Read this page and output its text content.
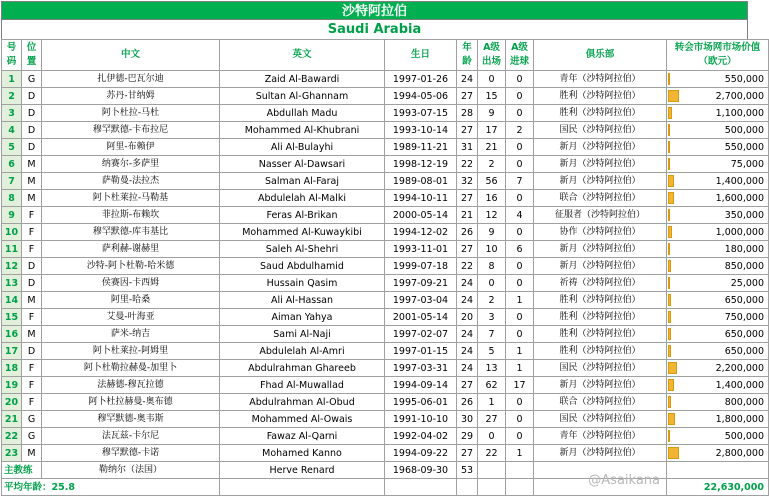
沙特阿拉伯
Saudi Arabia
号码	位置	中文	英文	生日	年龄	A级出场	A级进球	俱乐部	转会市场网市场价值（欧元）
1	G	扎伊德-巴瓦尔迪	Zaid Al-Bawardi	1997-01-26	24	0	0	青年（沙特阿拉伯）	550,000
2	D	苏丹-甘纳姆	Sultan Al-Ghannam	1994-05-06	27	15	0	胜利（沙特阿拉伯）	2,700,000
3	D	阿卜杜拉-马杜	Abdullah Madu	1993-07-15	28	9	0	胜利（沙特阿拉伯）	1,100,000
4	D	穆罕默德-卡布拉尼	Mohammed Al-Khubrani	1993-10-14	27	17	2	国民（沙特阿拉伯）	500,000
5	D	阿里-布赖伊	Ali Al-Bulayhi	1989-11-21	31	21	0	新月（沙特阿拉伯）	550,000
6	M	纳赛尔-多萨里	Nasser Al-Dawsari	1998-12-19	22	2	0	新月（沙特阿拉伯）	75,000
7	M	萨勒曼-法拉杰	Salman Al-Faraj	1989-08-01	32	56	7	新月（沙特阿拉伯）	1,400,000
8	M	阿卜杜莱拉-马勒基	Abdulelah Al-Malki	1994-10-11	27	16	0	联合（沙特阿拉伯）	1,600,000
9	F	菲拉斯-布赖坎	Feras Al-Brikan	2000-05-14	21	12	4	征服者（沙特阿拉伯）	350,000
10	F	穆罕默德-库韦基比	Mohammed Al-Kuwaykibi	1994-12-02	26	9	0	协作（沙特阿拉伯）	1,000,000
11	F	萨利赫-谢赫里	Saleh Al-Shehri	1993-11-01	27	10	6	新月（沙特阿拉伯）	180,000
12	D	沙特-阿卜杜勒-哈米德	Saud Abdulhamid	1999-07-18	22	8	0	新月（沙特阿拉伯）	850,000
13	D	侯赛因-卡西姆	Hussain Qasim	1997-09-21	24	0	0	祈祷（沙特阿拉伯）	25,000
14	M	阿里-哈桑	Ali Al-Hassan	1997-03-04	24	2	1	胜利（沙特阿拉伯）	650,000
15	F	艾曼-叶海亚	Aiman Yahya	2001-05-14	20	3	0	胜利（沙特阿拉伯）	750,000
16	M	萨米-纳吉	Sami Al-Naji	1997-02-07	24	7	0	胜利（沙特阿拉伯）	650,000
17	D	阿卜杜莱拉-阿姆里	Abdulelah Al-Amri	1997-01-15	24	5	1	胜利（沙特阿拉伯）	650,000
18	F	阿卜杜勒拉赫曼-加里卜	Abdulrahman Ghareeb	1997-03-31	24	13	1	国民（沙特阿拉伯）	2,200,000
19	F	法赫德-穆瓦拉德	Fhad Al-Muwallad	1994-09-14	27	62	17	新月（沙特阿拉伯）	1,400,000
20	F	阿卜杜拉赫曼-奥布德	Abdulrahman Al-Obud	1995-06-01	26	1	0	联合（沙特阿拉伯）	800,000
21	G	穆罕默德-奥韦斯	Mohammed Al-Owais	1991-10-10	30	27	0	国民（沙特阿拉伯）	1,800,000
22	G	法瓦兹-卡尔尼	Fawaz Al-Qarni	1992-04-02	29	0	0	青年（沙特阿拉伯）	500,000
23	M	穆罕默德-卡诺	Mohamed Kanno	1994-09-22	27	22	1	新月（沙特阿拉伯）	2,800,000
主教练		勒纳尔（法国）	Herve Renard	1968-09-30	53				
平均年龄：25.8									22,630,000
@Asaikana
